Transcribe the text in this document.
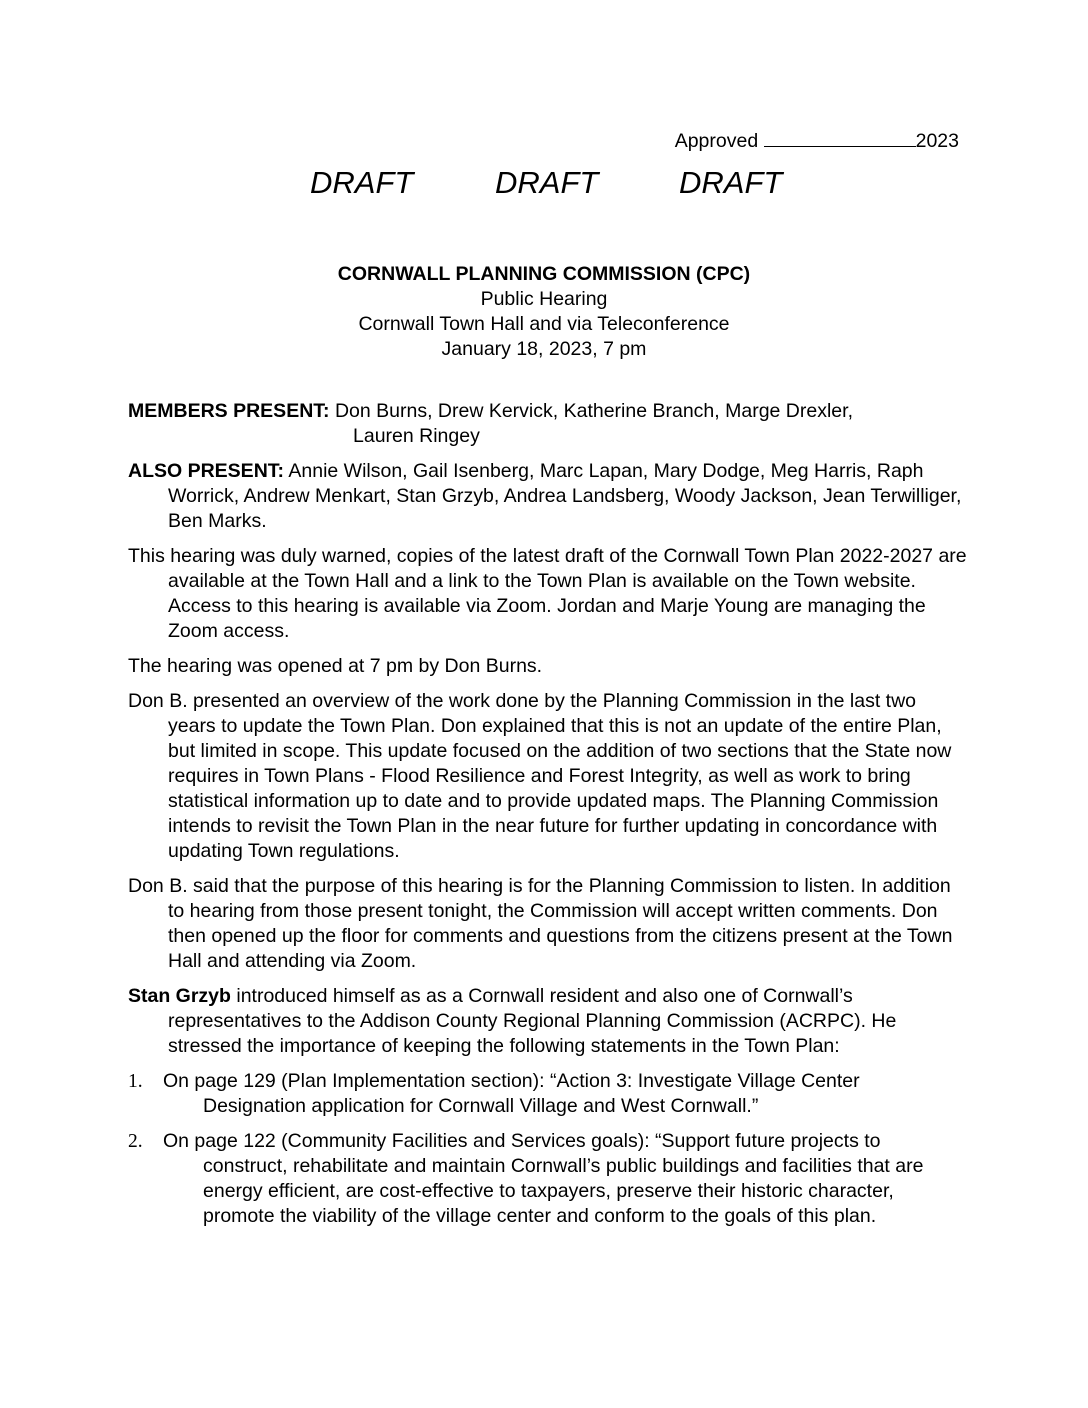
Approved	2023
DRAFT	DRAFT	DRAFT
CORNWALL PLANNING COMMISSION (CPC)
Public Hearing
Cornwall Town Hall and via Teleconference
January 18, 2023, 7 pm
MEMBERS PRESENT: Don Burns, Drew Kervick, Katherine Branch, Marge Drexler,
Lauren Ringey
ALSO PRESENT: Annie Wilson, Gail Isenberg, Marc Lapan, Mary Dodge, Meg Harris, Raph Worrick, Andrew Menkart, Stan Grzyb, Andrea Landsberg, Woody Jackson, Jean Terwilliger, Ben Marks.
This hearing was duly warned, copies of the latest draft of the Cornwall Town Plan 2022-2027 are available at the Town Hall and a link to the Town Plan is available on the Town website. Access to this hearing is available via Zoom. Jordan and Marje Young are managing the Zoom access.
The hearing was opened at 7 pm by Don Burns.
Don B. presented an overview of the work done by the Planning Commission in the last two years to update the Town Plan. Don explained that this is not an update of the entire Plan, but limited in scope. This update focused on the addition of two sections that the State now requires in Town Plans - Flood Resilience and Forest Integrity, as well as work to bring statistical information up to date and to provide updated maps. The Planning Commission intends to revisit the Town Plan in the near future for further updating in concordance with updating Town regulations.
Don B. said that the purpose of this hearing is for the Planning Commission to listen. In addition to hearing from those present tonight, the Commission will accept written comments. Don then opened up the floor for comments and questions from the citizens present at the Town Hall and attending via Zoom.
Stan Grzyb introduced himself as as a Cornwall resident and also one of Cornwall’s representatives to the Addison County Regional Planning Commission (ACRPC). He stressed the importance of keeping the following statements in the Town Plan:
1. On page 129 (Plan Implementation section): “Action 3: Investigate Village Center Designation application for Cornwall Village and West Cornwall.”
2. On page 122 (Community Facilities and Services goals): “Support future projects to construct, rehabilitate and maintain Cornwall’s public buildings and facilities that are energy efficient, are cost-effective to taxpayers, preserve their historic character, promote the viability of the village center and conform to the goals of this plan.
